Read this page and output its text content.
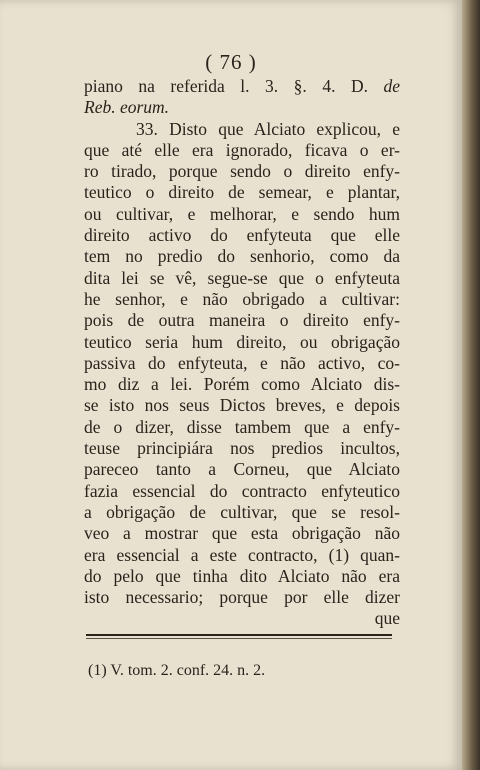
( 76 )
piano na referida l. 3. §. 4. D. de
Reb. eorum.
33. Disto que Alciato explicou, e
que até elle era ignorado, ficava o er-
ro tirado, porque sendo o direito enfy-
teutico o direito de semear, e plantar,
ou cultivar, e melhorar, e sendo hum
direito activo do enfyteuta que elle
tem no predio do senhorio, como da
dita lei se vê, segue-se que o enfyteuta
he senhor, e não obrigado a cultivar:
pois de outra maneira o direito enfy-
teutico seria hum direito, ou obrigação
passiva do enfyteuta, e não activo, co-
mo diz a lei. Porém como Alciato dis-
se isto nos seus Dictos breves, e depois
de o dizer, disse tambem que a enfy-
teuse principiára nos predios incultos,
pareceo tanto a Corneu, que Alciato
fazia essencial do contracto enfyteutico
a obrigação de cultivar, que se resol-
veo a mostrar que esta obrigação não
era essencial a este contracto, (1) quan-
do pelo que tinha dito Alciato não era
isto necessario; porque por elle dizer
que
(1) V. tom. 2. conf. 24. n. 2.
